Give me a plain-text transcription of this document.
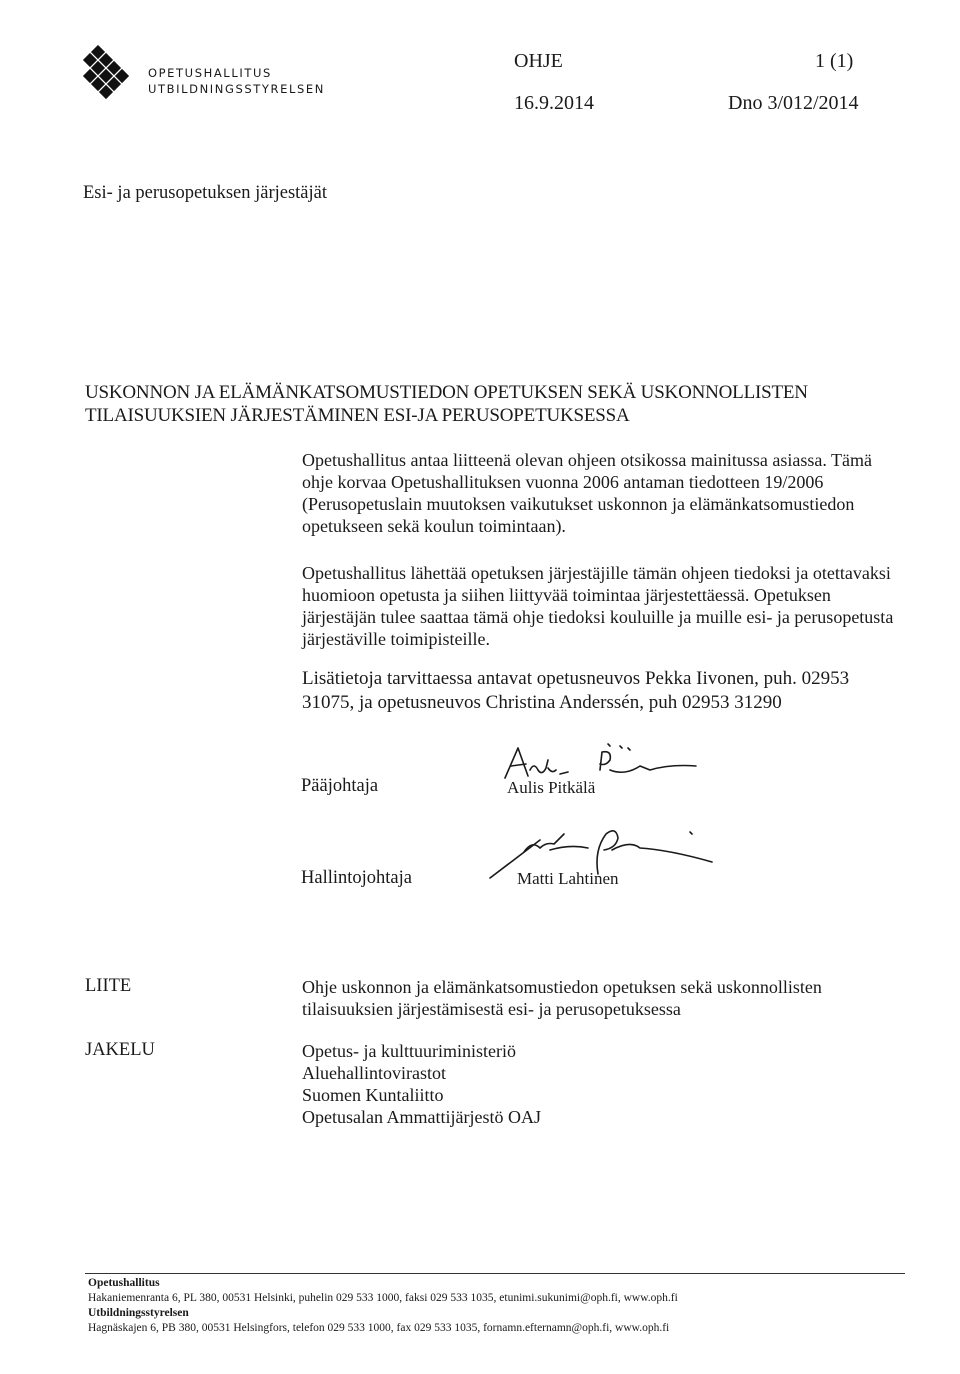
OPETUSHALLITUS
UTBILDNINGSSTYRELSEN
OHJE	1 (1)
16.9.2014	Dno 3/012/2014
Esi- ja perusopetuksen järjestäjät
USKONNON JA ELÄMÄNKATSOMUSTIEDON OPETUKSEN SEKÄ USKONNOLLISTEN
TILAISUUKSIEN JÄRJESTÄMINEN ESI-JA PERUSOPETUKSESSA

Opetushallitus antaa liitteenä olevan ohjeen otsikossa mainitussa asiassa. Tämä ohje korvaa Opetushallituksen vuonna 2006 antaman tiedotteen 19/2006 (Perusopetuslain muutoksen vaikutukset uskonnon ja elämänkatsomustiedon opetukseen sekä koulun toimintaan).

Opetushallitus lähettää opetuksen järjestäjille tämän ohjeen tiedoksi ja otettavaksi huomioon opetusta ja siihen liittyvää toimintaa järjestettäessä. Opetuksen järjestäjän tulee saattaa tämä ohje tiedoksi kouluille ja muille esi- ja perusopetusta järjestäville toimipisteille.

Lisätietoja tarvittaessa antavat opetusneuvos Pekka Iivonen, puh. 02953 31075, ja opetusneuvos Christina Anderssén, puh 02953 31290

Pääjohtaja	Aulis Pitkälä
Hallintojohtaja	Matti Lahtinen
LIITE	Ohje uskonnon ja elämänkatsomustiedon opetuksen sekä uskonnollisten tilaisuuksien järjestämisestä esi- ja perusopetuksessa
JAKELU	Opetus- ja kulttuuriministeriö
Aluehallintovirastot
Suomen Kuntaliitto
Opetusalan Ammattijärjestö OAJ
Opetushallitus
Hakaniemenranta 6, PL 380, 00531 Helsinki, puhelin 029 533 1000, faksi 029 533 1035, etunimi.sukunimi@oph.fi, www.oph.fi
Utbildningsstyrelsen
Hagnäskajen 6, PB 380, 00531 Helsingfors, telefon 029 533 1000, fax 029 533 1035, fornamn.efternamn@oph.fi, www.oph.fi
